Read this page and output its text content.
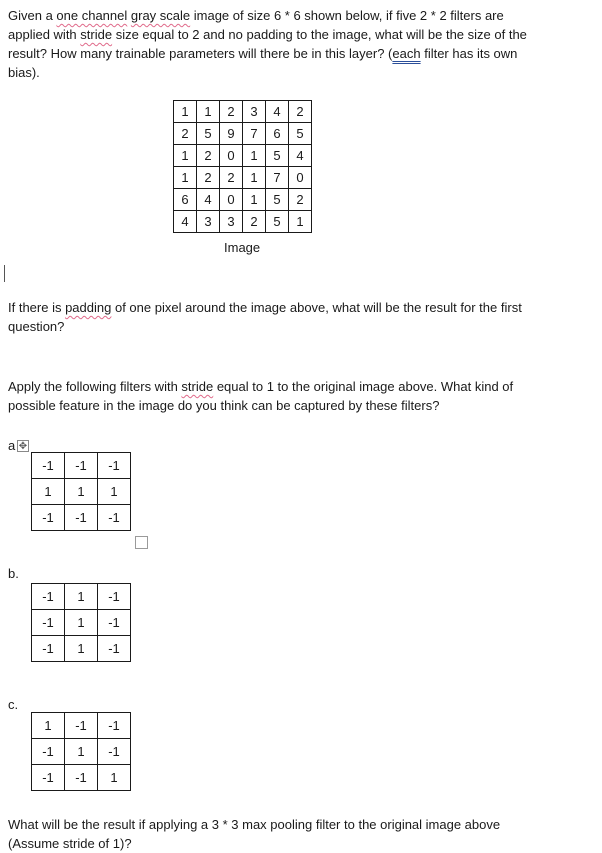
Given a one channel gray scale image of size 6 * 6 shown below, if five 2 * 2 filters are
applied with stride size equal to 2 and no padding to the image, what will be the size of the
result? How many trainable parameters will there be in this layer? (each filter has its own
bias).
1	1	2	3	4	2
2	5	9	7	6	5
1	2	0	1	5	4
1	2	2	1	7	0
6	4	0	1	5	2
4	3	3	2	5	1
Image
If there is padding of one pixel around the image above, what will be the result for the first
question?
Apply the following filters with stride equal to 1 to the original image above. What kind of
possible feature in the image do you think can be captured by these filters?
a ✥
b.
c.
-1	-1	-1
1	1	1
-1	-1	-1
-1	1	-1
-1	1	-1
-1	1	-1
1	-1	-1
-1	1	-1
-1	-1	1
What will be the result if applying a 3 * 3 max pooling filter to the original image above
(Assume stride of 1)?
